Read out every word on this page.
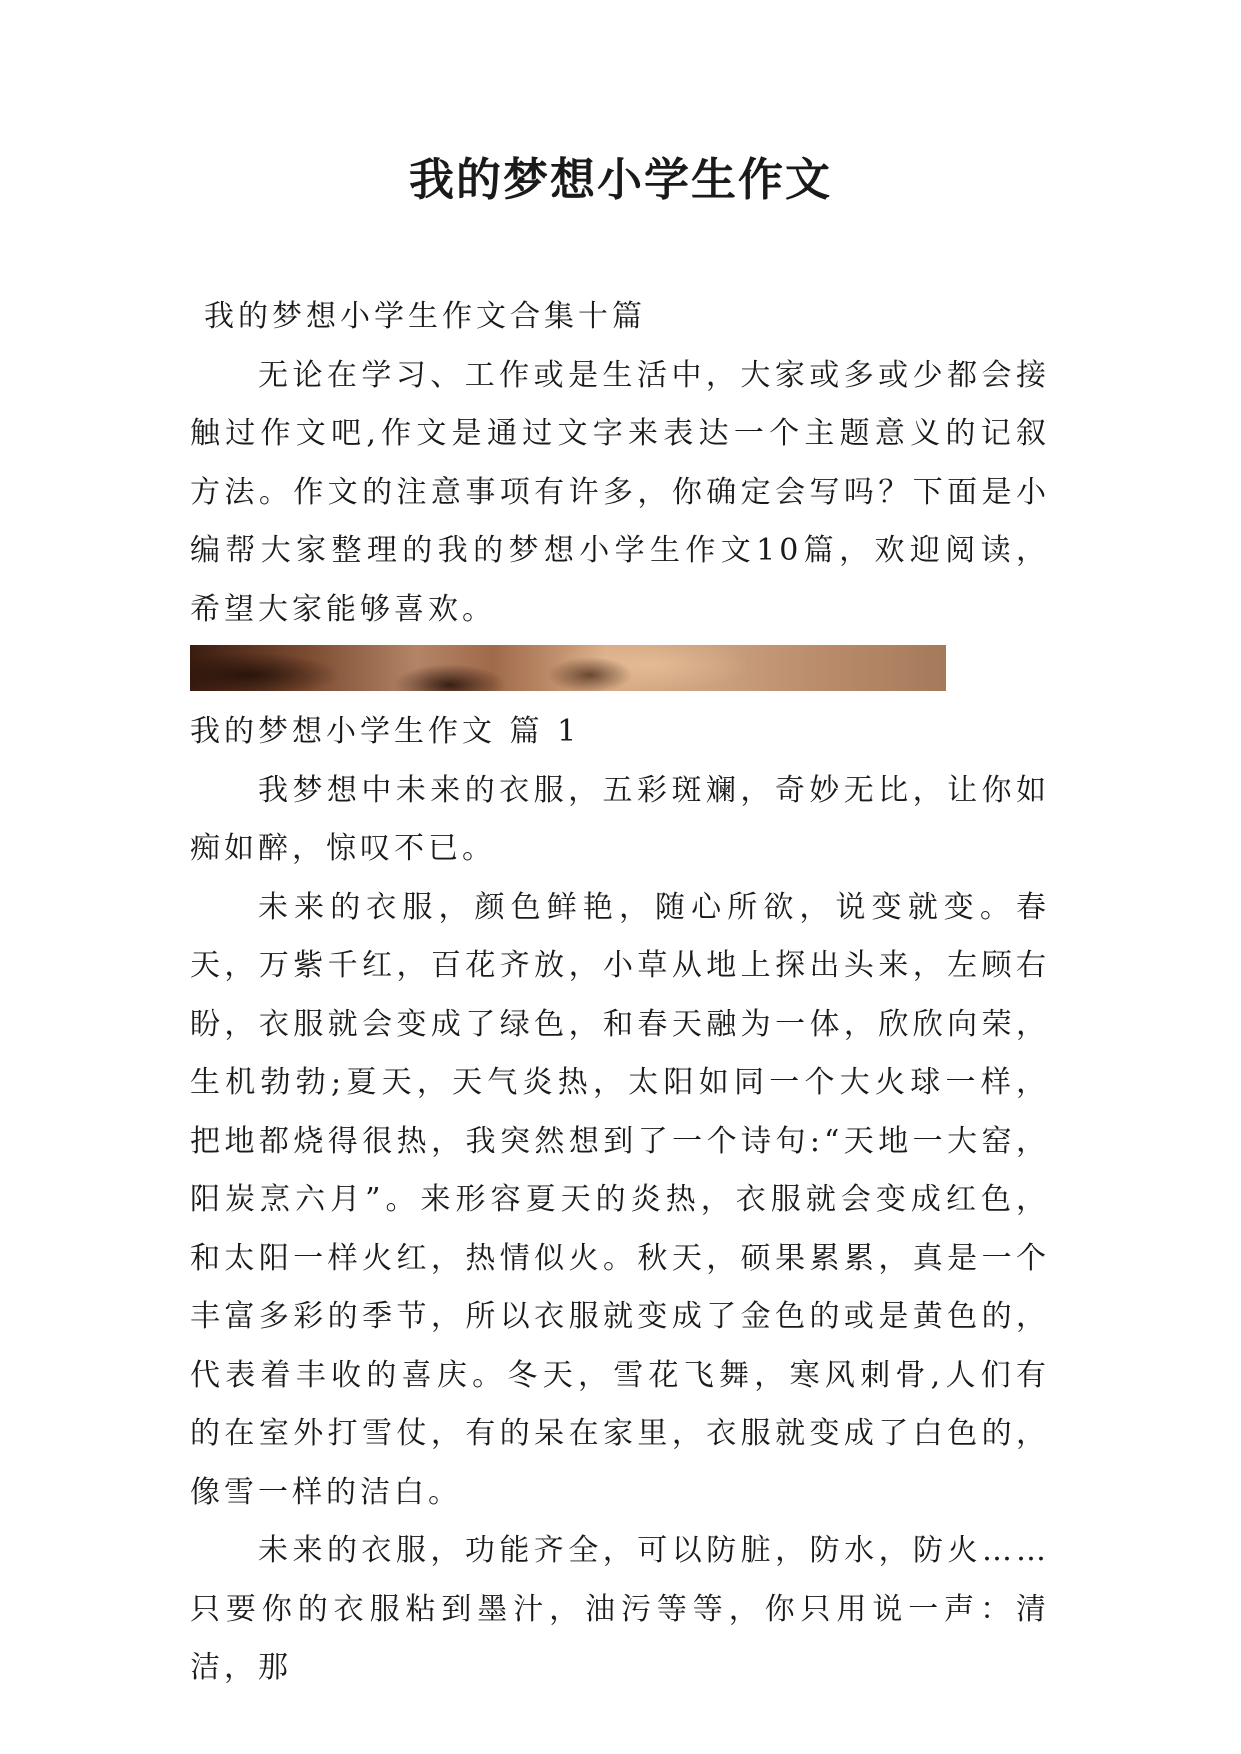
我的梦想小学生作文

我的梦想小学生作文合集十篇

无论在学习、工作或是生活中，大家或多或少都会接触过作文吧,作文是通过文字来表达一个主题意义的记叙方法。作文的注意事项有许多，你确定会写吗？下面是小编帮大家整理的我的梦想小学生作文10篇，欢迎阅读，希望大家能够喜欢。

我的梦想小学生作文 篇 1

我梦想中未来的衣服，五彩斑斓，奇妙无比，让你如痴如醉，惊叹不已。

未来的衣服，颜色鲜艳，随心所欲，说变就变。春天，万紫千红，百花齐放，小草从地上探出头来，左顾右盼，衣服就会变成了绿色，和春天融为一体，欣欣向荣，生机勃勃;夏天，天气炎热，太阳如同一个大火球一样，把地都烧得很热，我突然想到了一个诗句:“天地一大窑，阳炭烹六月”。来形容夏天的炎热，衣服就会变成红色，和太阳一样火红，热情似火。秋天，硕果累累，真是一个丰富多彩的季节，所以衣服就变成了金色的或是黄色的，代表着丰收的喜庆。冬天，雪花飞舞，寒风刺骨,人们有的在室外打雪仗，有的呆在家里，衣服就变成了白色的，像雪一样的洁白。

未来的衣服，功能齐全，可以防脏，防水，防火……只要你的衣服粘到墨汁，油污等等，你只用说一声：清洁，那
